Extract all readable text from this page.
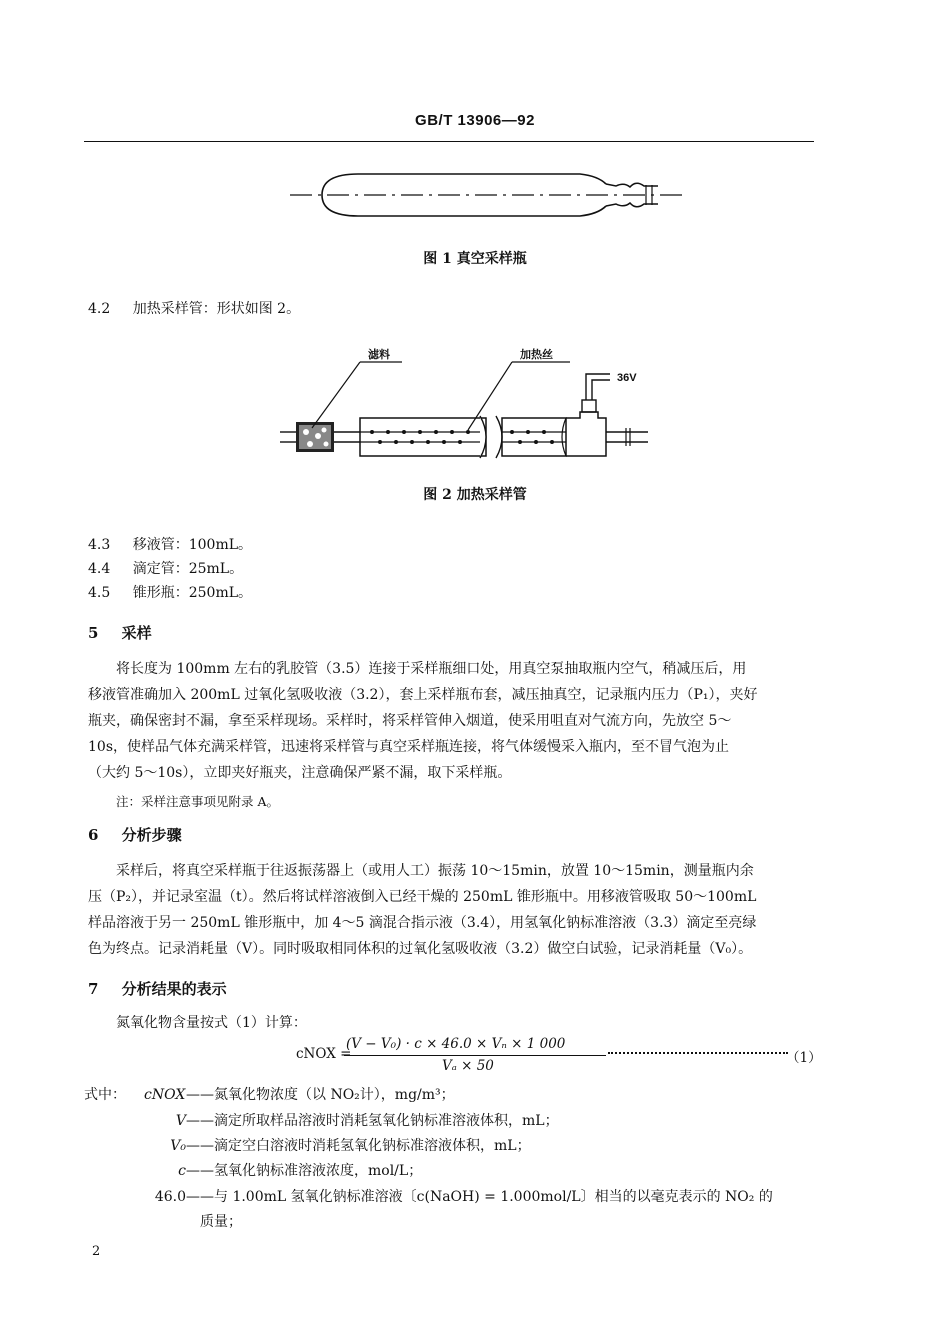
GB/T 13906—92
图 1 真空采样瓶
4.2 加热采样管：形状如图 2。
滤料	加热丝
36V
图 2 加热采样管
4.3 移液管：100mL。
4.4 滴定管：25mL。
4.5 锥形瓶：250mL。
5 采样
将长度为 100mm 左右的乳胶管（3.5）连接于采样瓶细口处，用真空泵抽取瓶内空气，稍减压后，用
移液管准确加入 200mL 过氧化氢吸收液（3.2），套上采样瓶布套，减压抽真空，记录瓶内压力（P₁），夹好
瓶夹，确保密封不漏，拿至采样现场。采样时，将采样管伸入烟道，使采用咀直对气流方向，先放空 5～
10s，使样品气体充满采样管，迅速将采样管与真空采样瓶连接，将气体缓慢采入瓶内，至不冒气泡为止
（大约 5～10s），立即夹好瓶夹，注意确保严紧不漏，取下采样瓶。
注：采样注意事项见附录 A。
6 分析步骤
采样后，将真空采样瓶于往返振荡器上（或用人工）振荡 10～15min，放置 10～15min，测量瓶内余
压（P₂），并记录室温（t）。然后将试样溶液倒入已经干燥的 250mL 锥形瓶中。用移液管吸取 50～100mL
样品溶液于另一 250mL 锥形瓶中，加 4～5 滴混合指示液（3.4），用氢氧化钠标准溶液（3.3）滴定至亮绿
色为终点。记录消耗量（V）。同时吸取相同体积的过氧化氢吸收液（3.2）做空白试验，记录消耗量（V₀）。
7 分析结果的表示
氮氧化物含量按式（1）计算：
cNOX =
(V − V₀) · c × 46.0 × Vₙ × 1 000
Vₐ × 50	（1）
式中： cNOX ——氮氧化物浓度（以 NO₂计），mg/m³；
V ——滴定所取样品溶液时消耗氢氧化钠标准溶液体积，mL；
V₀ ——滴定空白溶液时消耗氢氧化钠标准溶液体积，mL；
c ——氢氧化钠标准溶液浓度，mol/L；
46.0 ——与 1.00mL 氢氧化钠标准溶液〔c(NaOH) = 1.000mol/L〕相当的以毫克表示的 NO₂ 的
质量；
2
